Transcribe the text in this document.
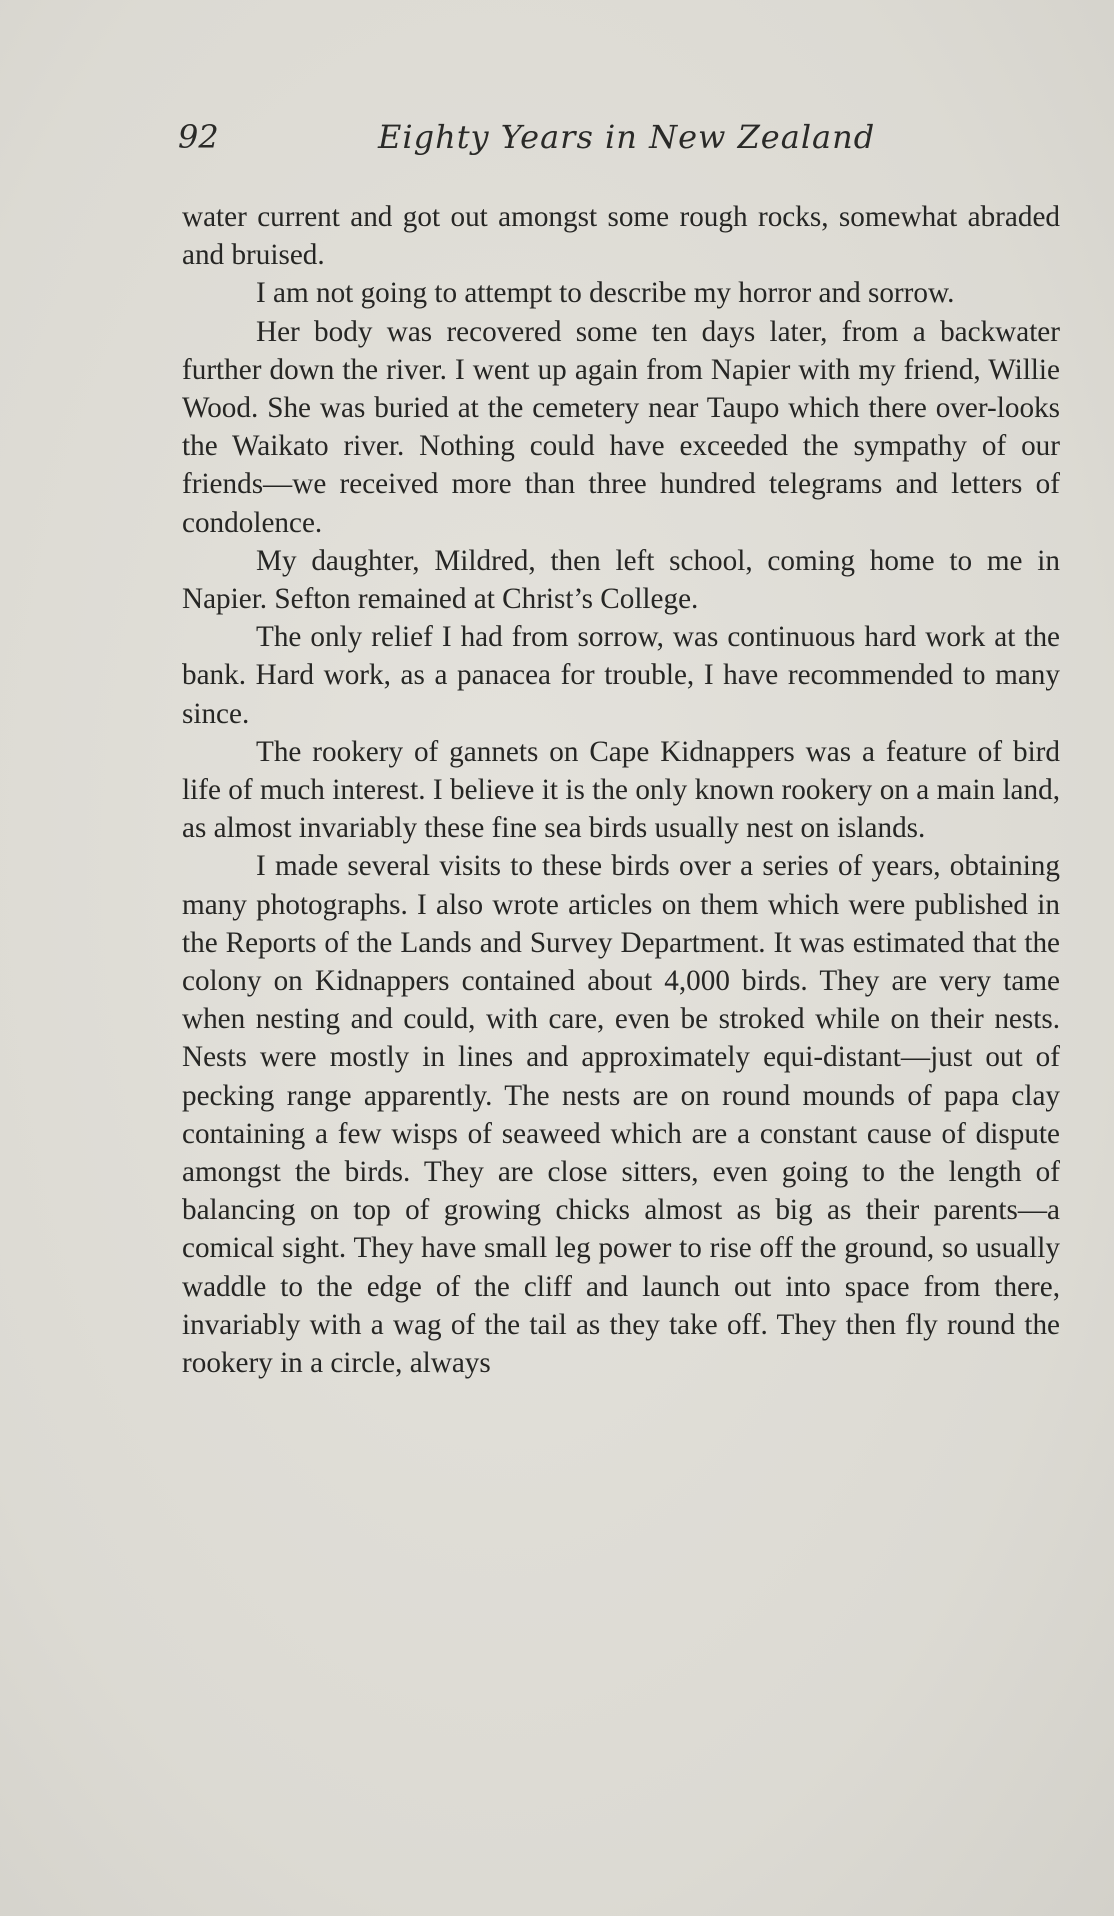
92	Eighty Years in New Zealand

water current and got out amongst some rough rocks, somewhat abraded and bruised.

I am not going to attempt to describe my horror and sorrow.

Her body was recovered some ten days later, from a backwater further down the river. I went up again from Napier with my friend, Willie Wood. She was buried at the cemetery near Taupo which there over-looks the Waikato river. Nothing could have exceeded the sympathy of our friends—we received more than three hundred telegrams and letters of condolence.

My daughter, Mildred, then left school, coming home to me in Napier. Sefton remained at Christ’s College.

The only relief I had from sorrow, was continuous hard work at the bank. Hard work, as a panacea for trouble, I have recommended to many since.

The rookery of gannets on Cape Kidnappers was a feature of bird life of much interest. I believe it is the only known rookery on a main land, as almost invariably these fine sea birds usually nest on islands.

I made several visits to these birds over a series of years, obtaining many photographs. I also wrote articles on them which were published in the Reports of the Lands and Survey Department. It was estimated that the colony on Kidnappers contained about 4,000 birds. They are very tame when nesting and could, with care, even be stroked while on their nests. Nests were mostly in lines and approximately equi-distant—just out of pecking range apparently. The nests are on round mounds of papa clay containing a few wisps of seaweed which are a constant cause of dispute amongst the birds. They are close sitters, even going to the length of balancing on top of growing chicks almost as big as their parents—a comical sight. They have small leg power to rise off the ground, so usually waddle to the edge of the cliff and launch out into space from there, invariably with a wag of the tail as they take off. They then fly round the rookery in a circle, always
